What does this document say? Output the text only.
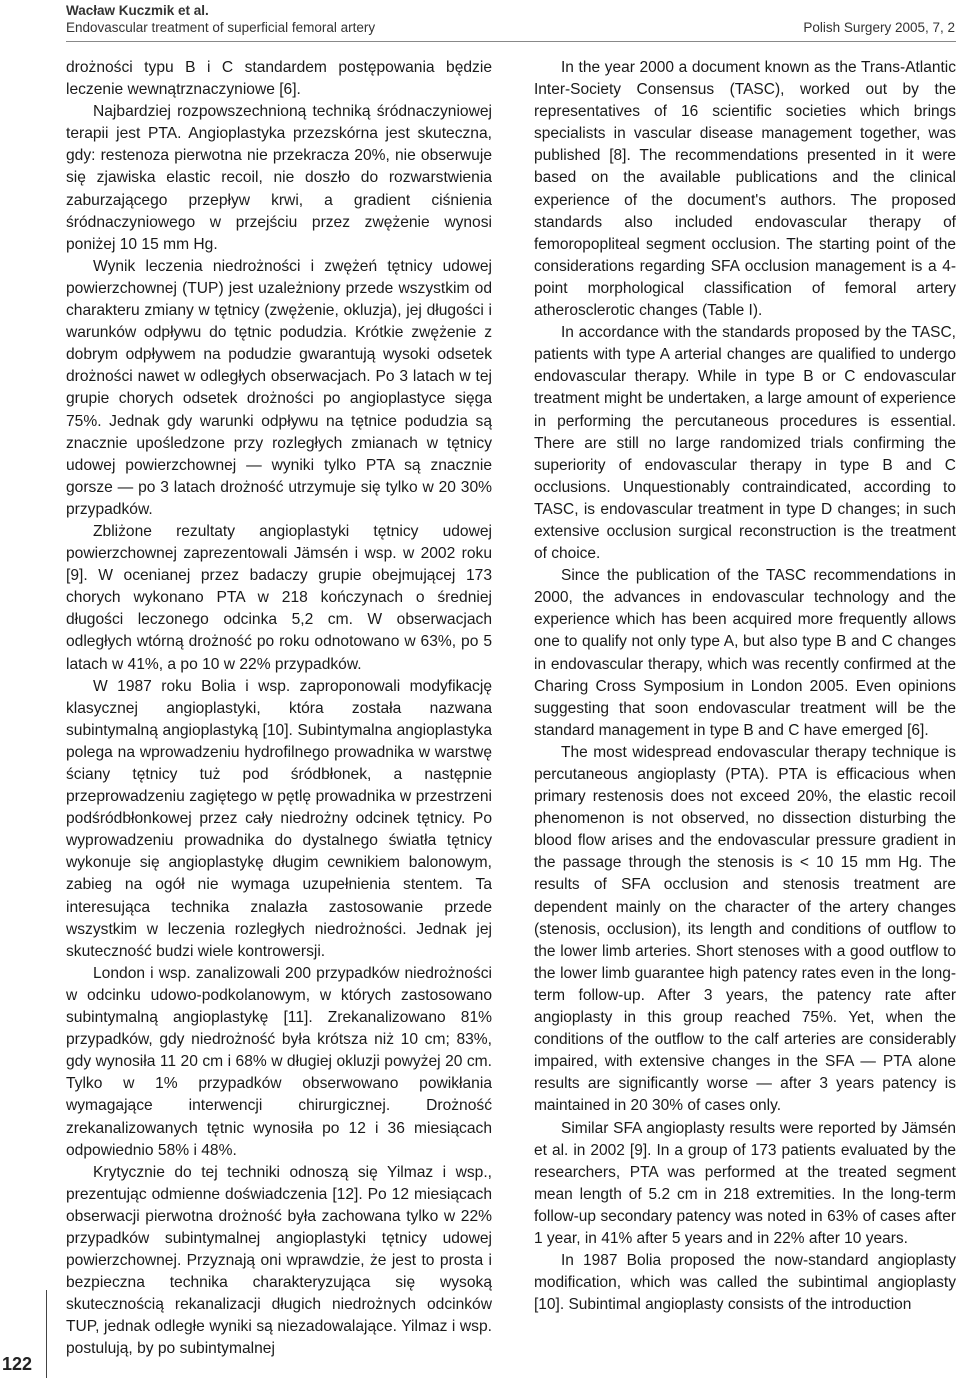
Wacław Kuczmik et al.
Endovascular treatment of superficial femoral artery	Polish Surgery 2005, 7, 2

drożności typu B i C standardem postępowania będzie leczenie wewnątrznaczyniowe [6].

Najbardziej rozpowszechnioną techniką śródnaczyniowej terapii jest PTA. Angioplastyka przezskórna jest skuteczna, gdy: restenoza pierwotna nie przekracza 20%, nie obserwuje się zjawiska elastic recoil, nie doszło do rozwarstwienia zaburzającego przepływ krwi, a gradient ciśnienia śródnaczyniowego w przejściu przez zwężenie wynosi poniżej 10 15 mm Hg.

Wynik leczenia niedrożności i zwężeń tętnicy udowej powierzchownej (TUP) jest uzależniony przede wszystkim od charakteru zmiany w tętnicy (zwężenie, okluzja), jej długości i warunków odpływu do tętnic podudzia. Krótkie zwężenie z dobrym odpływem na podudzie gwarantują wysoki odsetek drożności nawet w odległych obserwacjach. Po 3 latach w tej grupie chorych odsetek drożności po angioplastyce sięga 75%. Jednak gdy warunki odpływu na tętnice podudzia są znacznie upośledzone przy rozległych zmianach w tętnicy udowej powierzchownej — wyniki tylko PTA są znacznie gorsze — po 3 latach drożność utrzymuje się tylko w 20 30% przypadków.

Zbliżone rezultaty angioplastyki tętnicy udowej powierzchownej zaprezentowali Jämsén i wsp. w 2002 roku [9]. W ocenianej przez badaczy grupie obejmującej 173 chorych wykonano PTA w 218 kończynach o średniej długości leczonego odcinka 5,2 cm. W obserwacjach odległych wtórną drożność po roku odnotowano w 63%, po 5 latach w 41%, a po 10 w 22% przypadków.

W 1987 roku Bolia i wsp. zaproponowali modyfikację klasycznej angioplastyki, która została nazwana subintymalną angioplastyką [10]. Subintymalna angioplastyka polega na wprowadzeniu hydrofilnego prowadnika w warstwę ściany tętnicy tuż pod śródbłonek, a następnie przeprowadzeniu zagiętego w pętlę prowadnika w przestrzeni podśródbłonkowej przez cały niedrożny odcinek tętnicy. Po wyprowadzeniu prowadnika do dystalnego światła tętnicy wykonuje się angioplastykę długim cewnikiem balonowym, zabieg na ogół nie wymaga uzupełnienia stentem. Ta interesująca technika znalazła zastosowanie przede wszystkim w leczenia rozległych niedrożności. Jednak jej skuteczność budzi wiele kontrowersji.

London i wsp. zanalizowali 200 przypadków niedrożności w odcinku udowo-podkolanowym, w których zastosowano subintymalną angioplastykę [11]. Zrekanalizowano 81% przypadków, gdy niedrożność była krótsza niż 10 cm; 83%, gdy wynosiła 11 20 cm i 68% w długiej okluzji powyżej 20 cm. Tylko w 1% przypadków obserwowano powikłania wymagające interwencji chirurgicznej. Drożność zrekanalizowanych tętnic wynosiła po 12 i 36 miesiącach odpowiednio 58% i 48%.

Krytycznie do tej techniki odnoszą się Yilmaz i wsp., prezentując odmienne doświadczenia [12]. Po 12 miesiącach obserwacji pierwotna drożność była zachowana tylko w 22% przypadków subintymalnej angioplastyki tętnicy udowej powierzchownej. Przyznają oni wprawdzie, że jest to prosta i bezpieczna technika charakteryzująca się wysoką skutecznością rekanalizacji długich niedrożnych odcinków TUP, jednak odległe wyniki są niezadowalające. Yilmaz i wsp. postulują, by po subintymalnej

In the year 2000 a document known as the Trans-Atlantic Inter-Society Consensus (TASC), worked out by the representatives of 16 scientific societies which brings specialists in vascular disease management together, was published [8]. The recommendations presented in it were based on the available publications and the clinical experience of the document's authors. The proposed standards also included endovascular therapy of femoropopliteal segment occlusion. The starting point of the considerations regarding SFA occlusion management is a 4-point morphological classification of femoral artery atherosclerotic changes (Table I).

In accordance with the standards proposed by the TASC, patients with type A arterial changes are qualified to undergo endovascular therapy. While in type B or C endovascular treatment might be undertaken, a large amount of experience in performing the percutaneous procedures is essential. There are still no large randomized trials confirming the superiority of endovascular therapy in type B and C occlusions. Unquestionably contraindicated, according to TASC, is endovascular treatment in type D changes; in such extensive occlusion surgical reconstruction is the treatment of choice.

Since the publication of the TASC recommendations in 2000, the advances in endovascular technology and the experience which has been acquired more frequently allows one to qualify not only type A, but also type B and C changes in endovascular therapy, which was recently confirmed at the Charing Cross Symposium in London 2005. Even opinions suggesting that soon endovascular treatment will be the standard management in type B and C have emerged [6].

The most widespread endovascular therapy technique is percutaneous angioplasty (PTA). PTA is efficacious when primary restenosis does not exceed 20%, the elastic recoil phenomenon is not observed, no dissection disturbing the blood flow arises and the endovascular pressure gradient in the passage through the stenosis is < 10 15 mm Hg. The results of SFA occlusion and stenosis treatment are dependent mainly on the character of the artery changes (stenosis, occlusion), its length and conditions of outflow to the lower limb arteries. Short stenoses with a good outflow to the lower limb guarantee high patency rates even in the long-term follow-up. After 3 years, the patency rate after angioplasty in this group reached 75%. Yet, when the conditions of the outflow to the calf arteries are considerably impaired, with extensive changes in the SFA — PTA alone results are significantly worse — after 3 years patency is maintained in 20 30% of cases only.

Similar SFA angioplasty results were reported by Jämsén et al. in 2002 [9]. In a group of 173 patients evaluated by the researchers, PTA was performed at the treated segment mean length of 5.2 cm in 218 extremities. In the long-term follow-up secondary patency was noted in 63% of cases after 1 year, in 41% after 5 years and in 22% after 10 years.

In 1987 Bolia proposed the now-standard angioplasty modification, which was called the subintimal angioplasty [10]. Subintimal angioplasty consists of the introduction

122
